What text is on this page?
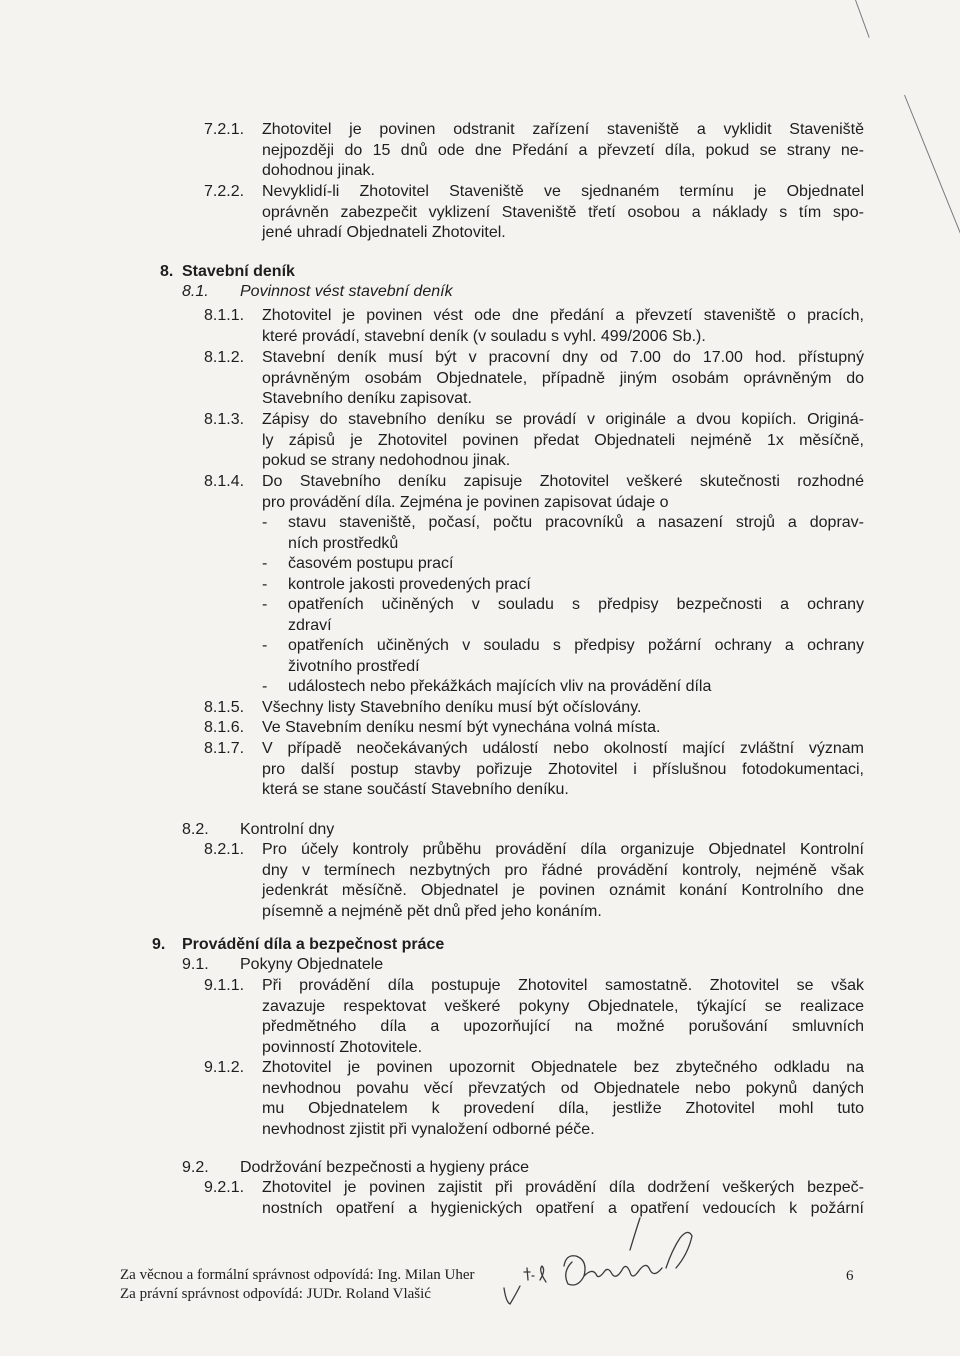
7.2.1.	Zhotovitel je povinen odstranit zařízení staveniště a vyklidit Staveniště
nejpozději do 15 dnů ode dne Předání a převzetí díla, pokud se strany ne-
dohodnou jinak.
7.2.2.	Nevyklidí-li Zhotovitel Staveniště ve sjednaném termínu je Objednatel
oprávněn zabezpečit vyklizení Staveniště třetí osobou a náklady s tím spo-
jené uhradí Objednateli Zhotovitel.
8. Stavební deník
8.1.	Povinnost vést stavební deník
8.1.1.	Zhotovitel je povinen vést ode dne předání a převzetí staveniště o pracích,
které provádí, stavební deník (v souladu s vyhl. 499/2006 Sb.).
8.1.2.	Stavební deník musí být v pracovní dny od 7.00 do 17.00 hod. přístupný
oprávněným osobám Objednatele, případně jiným osobám oprávněným do
Stavebního deníku zapisovat.
8.1.3.	Zápisy do stavebního deníku se provádí v originále a dvou kopiích. Originá-
ly zápisů je Zhotovitel povinen předat Objednateli nejméně 1x měsíčně,
pokud se strany nedohodnou jinak.
8.1.4.	Do Stavebního deníku zapisuje Zhotovitel veškeré skutečnosti rozhodné
pro provádění díla. Zejména je povinen zapisovat údaje o
-	stavu staveniště, počasí, počtu pracovníků a nasazení strojů a doprav-
ních prostředků
-	časovém postupu prací
-	kontrole jakosti provedených prací
-	opatřeních učiněných v souladu s předpisy bezpečnosti a ochrany
zdraví
-	opatřeních učiněných v souladu s předpisy požární ochrany a ochrany
životního prostředí
-	událostech nebo překážkách majících vliv na provádění díla
8.1.5.	Všechny listy Stavebního deníku musí být očíslovány.
8.1.6.	Ve Stavebním deníku nesmí být vynechána volná místa.
8.1.7.	V případě neočekávaných událostí nebo okolností mající zvláštní význam
pro další postup stavby pořizuje Zhotovitel i příslušnou fotodokumentaci,
která se stane součástí Stavebního deníku.
8.2.	Kontrolní dny
8.2.1.	Pro účely kontroly průběhu provádění díla organizuje Objednatel Kontrolní
dny v termínech nezbytných pro řádné provádění kontroly, nejméně však
jedenkrát měsíčně. Objednatel je povinen oznámit konání Kontrolního dne
písemně a nejméně pět dnů před jeho konáním.
9.	Provádění díla a bezpečnost práce
9.1.	Pokyny Objednatele
9.1.1.	Při provádění díla postupuje Zhotovitel samostatně. Zhotovitel se však
zavazuje respektovat veškeré pokyny Objednatele, týkající se realizace
předmětného díla a upozorňující na možné porušování smluvních
povinností Zhotovitele.
9.1.2.	Zhotovitel je povinen upozornit Objednatele bez zbytečného odkladu na
nevhodnou povahu věcí převzatých od Objednatele nebo pokynů daných
mu Objednatelem k provedení díla, jestliže Zhotovitel mohl tuto
nevhodnost zjistit při vynaložení odborné péče.
9.2.	Dodržování bezpečnosti a hygieny práce
9.2.1.	Zhotovitel je povinen zajistit při provádění díla dodržení veškerých bezpeč-
nostních opatření a hygienických opatření a opatření vedoucích k požární
Za věcnou a formální správnost odpovídá: Ing. Milan Uher
Za právní správnost odpovídá: JUDr. Roland Vlašić
6
